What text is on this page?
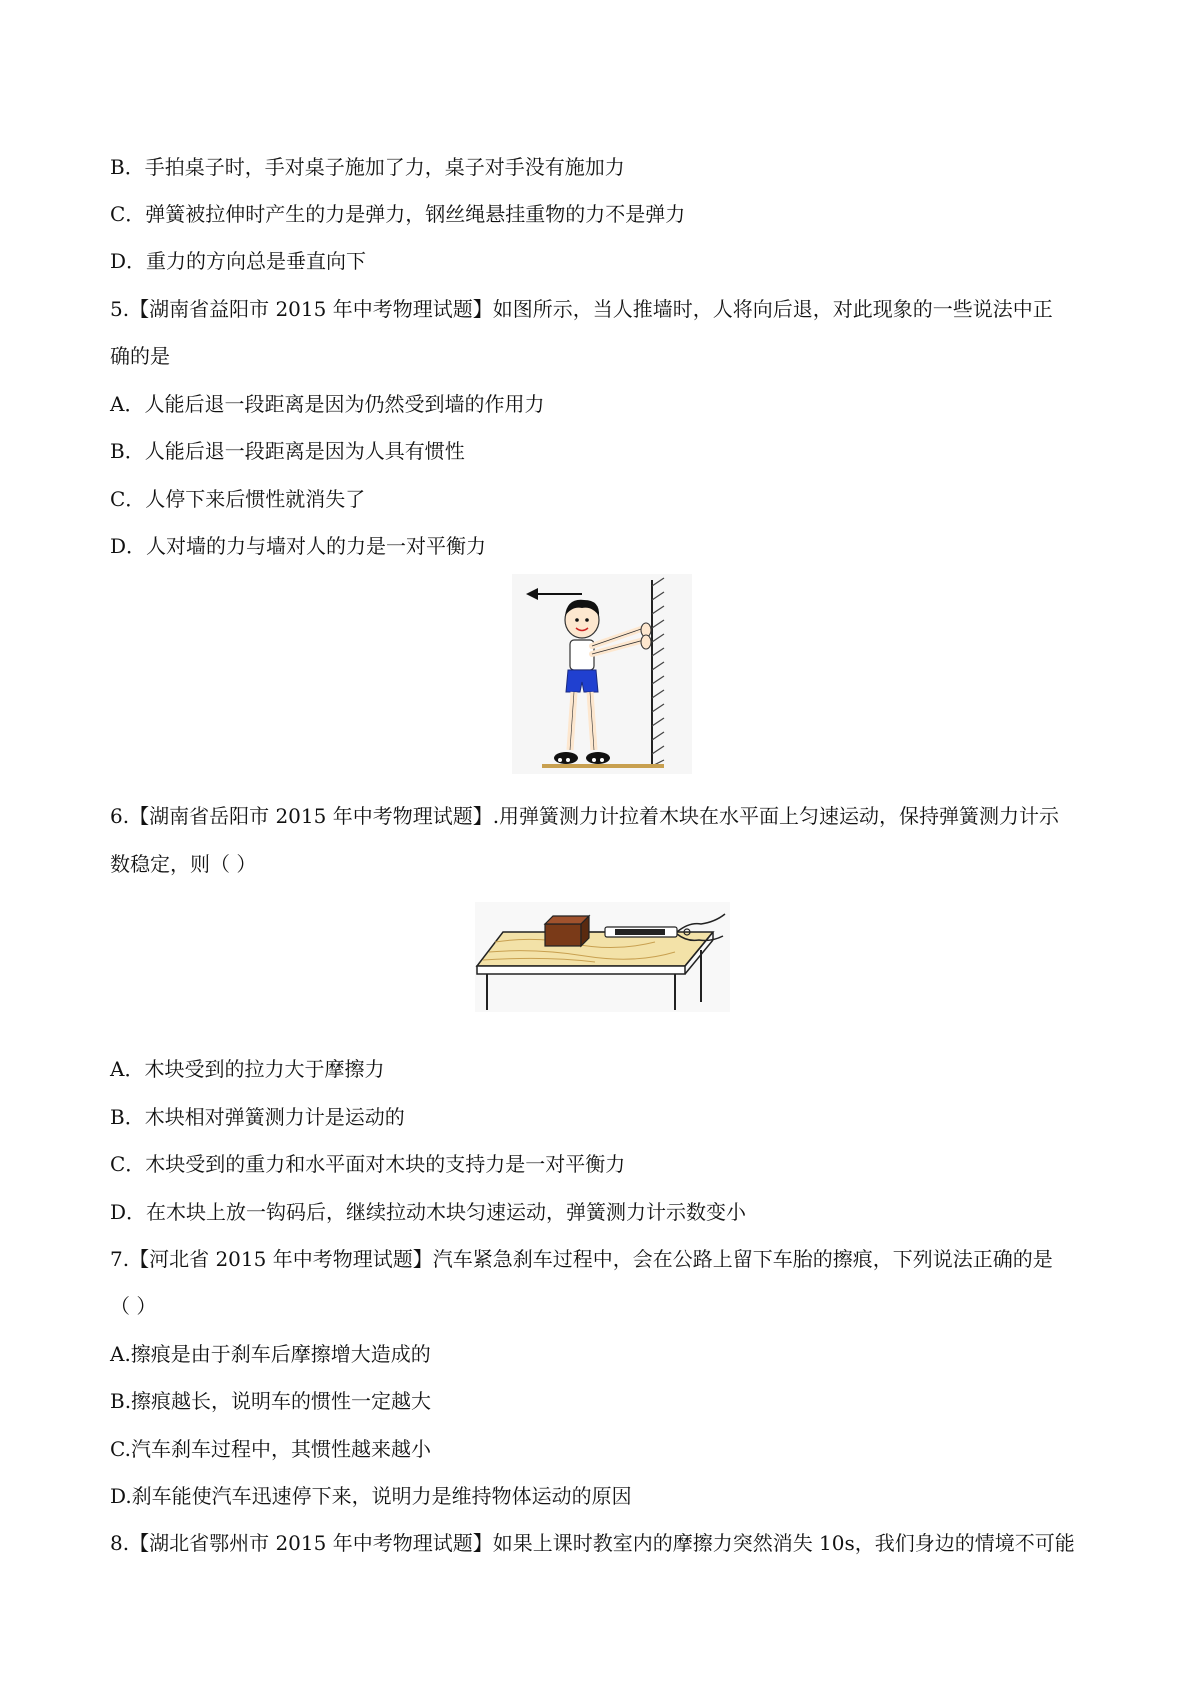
B．手拍桌子时，手对桌子施加了力，桌子对手没有施加力
C．弹簧被拉伸时产生的力是弹力，钢丝绳悬挂重物的力不是弹力
D．重力的方向总是垂直向下
5.【湖南省益阳市 2015 年中考物理试题】如图所示，当人推墙时，人将向后退，对此现象的一些说法中正
确的是
A．人能后退一段距离是因为仍然受到墙的作用力
B．人能后退一段距离是因为人具有惯性
C．人停下来后惯性就消失了
D．人对墙的力与墙对人的力是一对平衡力
6.【湖南省岳阳市 2015 年中考物理试题】.用弹簧测力计拉着木块在水平面上匀速运动，保持弹簧测力计示
数稳定，则（ ）
A．木块受到的拉力大于摩擦力
B．木块相对弹簧测力计是运动的
C．木块受到的重力和水平面对木块的支持力是一对平衡力
D．在木块上放一钩码后，继续拉动木块匀速运动，弹簧测力计示数变小
7.【河北省 2015 年中考物理试题】汽车紧急刹车过程中，会在公路上留下车胎的擦痕，下列说法正确的是
（ ）
A.擦痕是由于刹车后摩擦增大造成的
B.擦痕越长，说明车的惯性一定越大
C.汽车刹车过程中，其惯性越来越小
D.刹车能使汽车迅速停下来，说明力是维持物体运动的原因
8.【湖北省鄂州市 2015 年中考物理试题】如果上课时教室内的摩擦力突然消失 10s，我们身边的情境不可能
